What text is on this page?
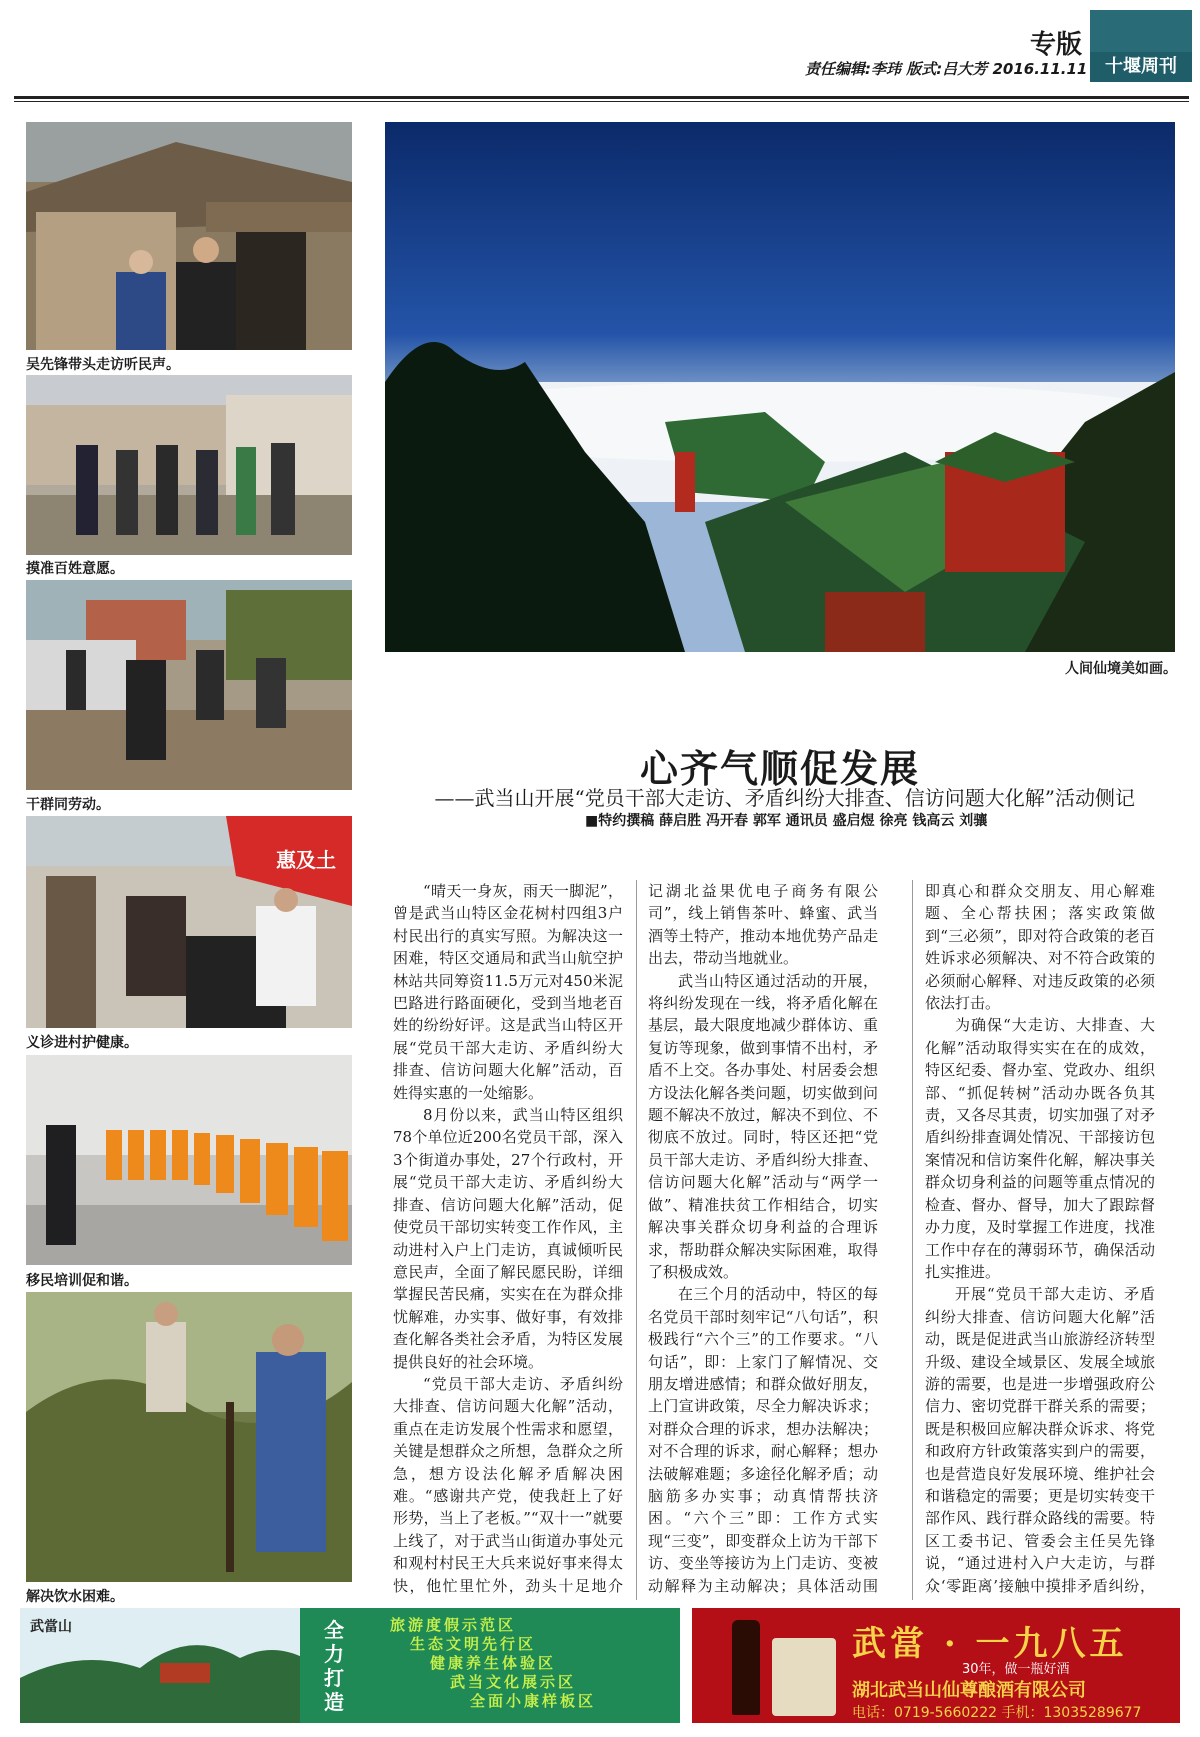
专版
十堰周刊
责任编辑:李玮 版式:吕大芳 2016.11.11
吴先锋带头走访听民声。
摸准百姓意愿。
干群同劳动。
惠及土
义诊进村护健康。
移民培训促和谐。
解决饮水困难。
人间仙境美如画。
心齐气顺促发展
——武当山开展“党员干部大走访、矛盾纠纷大排查、信访问题大化解”活动侧记
■特约撰稿 薛启胜 冯开春 郭军 通讯员 盛启煜 徐亮 钱高云 刘骧

“晴天一身灰，雨天一脚泥”，曾是武当山特区金花树村四组3户村民出行的真实写照。为解决这一困难，特区交通局和武当山航空护林站共同筹资11.5万元对450米泥巴路进行路面硬化，受到当地老百姓的纷纷好评。这是武当山特区开展“党员干部大走访、矛盾纠纷大排查、信访问题大化解”活动，百姓得实惠的一处缩影。

8月份以来，武当山特区组织78个单位近200名党员干部，深入3个街道办事处，27个行政村，开展“党员干部大走访、矛盾纠纷大排查、信访问题大化解”活动，促使党员干部切实转变工作作风，主动进村入户上门走访，真诚倾听民意民声，全面了解民愿民盼，详细掌握民苦民痛，实实在在为群众排忧解难，办实事、做好事，有效排查化解各类社会矛盾，为特区发展提供良好的社会环境。

“党员干部大走访、矛盾纠纷大排查、信访问题大化解”活动，重点在走访发展个性需求和愿望，关键是想群众之所想，急群众之所急，想方设法化解矛盾解决困难。“感谢共产党，使我赶上了好形势，当上了老板。”“双十一”就要上线了，对于武当山街道办事处元和观村村民王大兵来说好事来得太快，他忙里忙外，劲头十足地介

记湖北益果优电子商务有限公司”，线上销售茶叶、蜂蜜、武当酒等土特产，推动本地优势产品走出去，带动当地就业。

武当山特区通过活动的开展，将纠纷发现在一线，将矛盾化解在基层，最大限度地减少群体访、重复访等现象，做到事情不出村，矛盾不上交。各办事处、村居委会想方设法化解各类问题，切实做到问题不解决不放过，解决不到位、不彻底不放过。同时，特区还把“党员干部大走访、矛盾纠纷大排查、信访问题大化解”活动与“两学一做”、精准扶贫工作相结合，切实解决事关群众切身利益的合理诉求，帮助群众解决实际困难，取得了积极成效。

在三个月的活动中，特区的每名党员干部时刻牢记“八句话”，积极践行“六个三”的工作要求。“八句话”，即：上家门了解情况、交朋友增进感情；和群众做好朋友，上门宣讲政策，尽全力解决诉求；对群众合理的诉求，想办法解决；对不合理的诉求，耐心解释；想办法破解难题；多途径化解矛盾；动脑筋多办实事；动真情帮扶济困。“六个三”即：工作方式实现“三变”，即变群众上访为干部下访、变坐等接访为上门走访、变被动解释为主动解决；具体活动围

即真心和群众交朋友、用心解难题、全心帮扶困；落实政策做到“三必须”，即对符合政策的老百姓诉求必须解决、对不符合政策的必须耐心解释、对违反政策的必须依法打击。

为确保“大走访、大排查、大化解”活动取得实实在在的成效，特区纪委、督办室、党政办、组织部、“抓促转树”活动办既各负其责，又各尽其责，切实加强了对矛盾纠纷排查调处情况、干部接访包案情况和信访案件化解，解决事关群众切身利益的问题等重点情况的检查、督办、督导，加大了跟踪督办力度，及时掌握工作进度，找准工作中存在的薄弱环节，确保活动扎实推进。

开展“党员干部大走访、矛盾纠纷大排查、信访问题大化解”活动，既是促进武当山旅游经济转型升级、建设全域景区、发展全域旅游的需要，也是进一步增强政府公信力、密切党群干群关系的需要；既是积极回应解决群众诉求、将党和政府方针政策落实到户的需要，也是营造良好发展环境、维护社会和谐稳定的需要；更是切实转变干部作风、践行群众路线的需要。特区工委书记、管委会主任吴先锋说，“通过进村入户大走访，与群众‘零距离’接触中摸排矛盾纠纷，

武當山	全力打造
旅游度假示范区
生态文明先行区
健康养生体验区
武当文化展示区
全面小康样板区
武當 · 一九八五
30年，做一瓶好酒
湖北武当山仙尊酿酒有限公司
电话：0719-5660222 手机：13035289677
